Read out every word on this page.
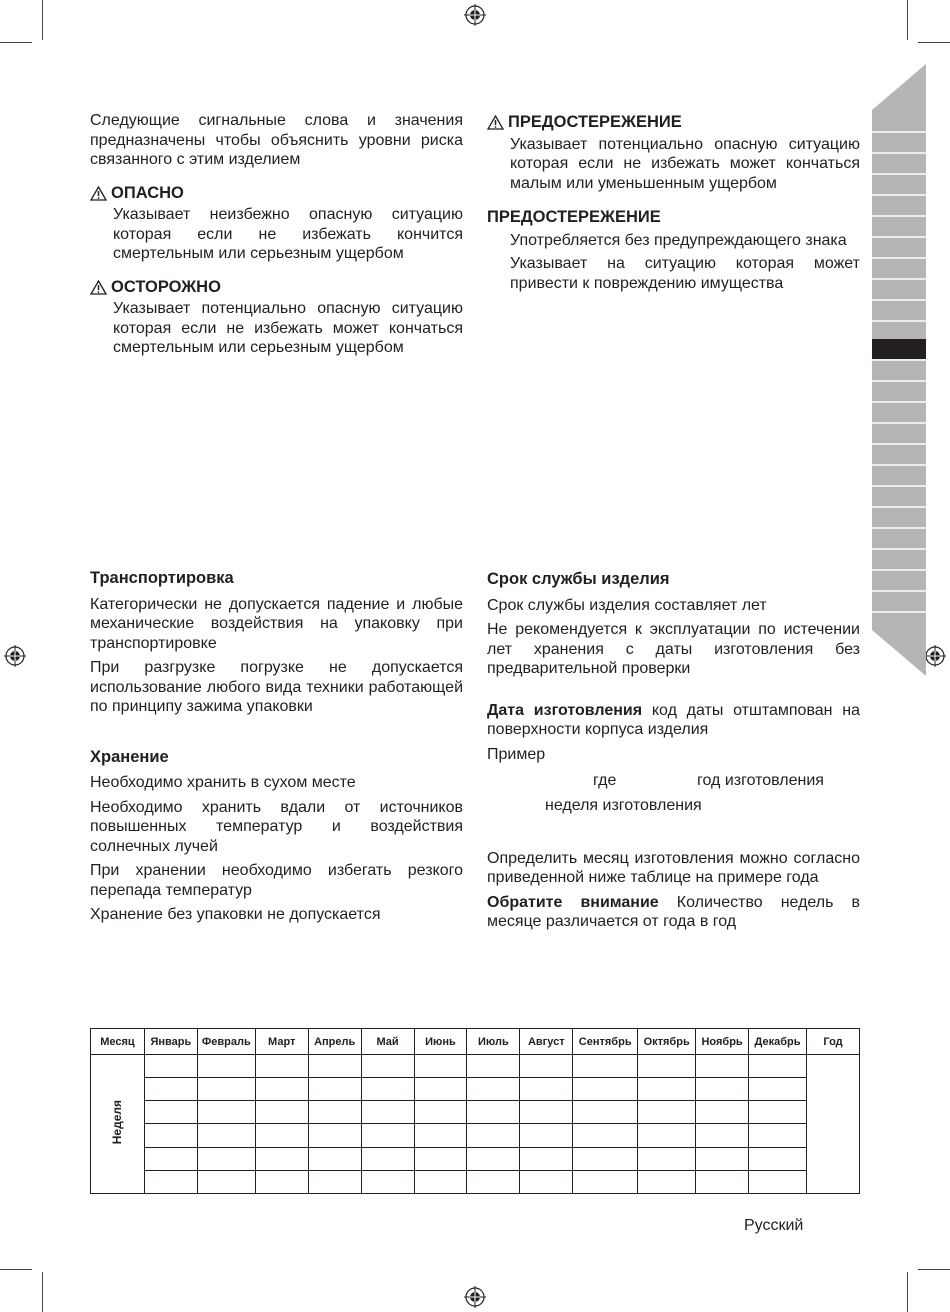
Следующие сигнальные слова и значения предназначены чтобы объяснить уровни риска связанного с этим изделием

ОПАСНО

Указывает неизбежно опасную ситуацию которая если не избежать кончится смертельным или серьезным ущербом

ОСТОРОЖНО

Указывает потенциально опасную ситуацию которая если не избежать может кончаться смертельным или серьезным ущербом

ПРЕДОСТЕРЕЖЕНИЕ

Указывает потенциально опасную ситуацию которая если не избежать может кончаться малым или уменьшенным ущербом

ПРЕДОСТЕРЕЖЕНИЕ

Употребляется без предупреждающего знака

Указывает на ситуацию которая может привести к повреждению имущества

Транспортировка

Категорически не допускается падение и любые механические воздействия на упаковку при транспортировке

При разгрузке погрузке не допускается использование любого вида техники работающей по принципу зажима упаковки

Хранение

Необходимо хранить в сухом месте

Необходимо хранить вдали от источников повышенных температур и воздействия солнечных лучей

При хранении необходимо избегать резкого перепада температур

Хранение без упаковки не допускается

Срок службы изделия

Срок службы изделия составляет лет

Не рекомендуется к эксплуатации по истечении лет хранения с даты изготовления без предварительной проверки

Дата изготовления код даты отштампован на поверхности корпуса изделия

Пример

где	год изготовления
неделя изготовления

Определить месяц изготовления можно согласно приведенной ниже таблице на примере года

Обратите внимание Количество недель в месяце различается от года в год

Месяц	Январь	Февраль	Март	Апрель	Май	Июнь	Июль	Август	Сентябрь	Октябрь	Ноябрь	Декабрь	Год
Неделя													

Русский
